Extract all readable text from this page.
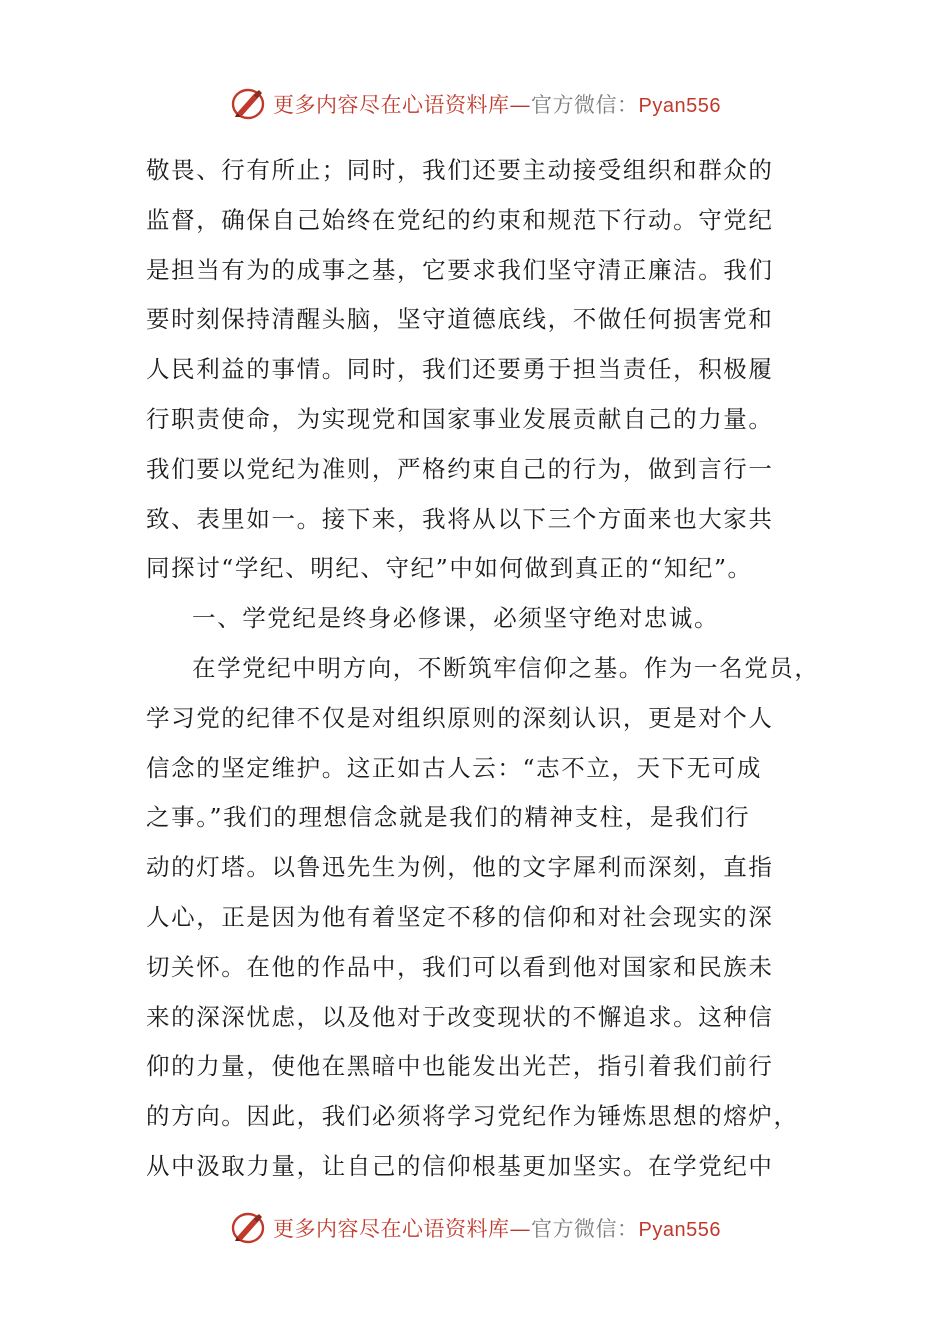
更多内容尽在心语资料库—官方微信：Pyan556
敬畏、行有所止；同时，我们还要主动接受组织和群众的
监督，确保自己始终在党纪的约束和规范下行动。守党纪
是担当有为的成事之基，它要求我们坚守清正廉洁。我们
要时刻保持清醒头脑，坚守道德底线，不做任何损害党和
人民利益的事情。同时，我们还要勇于担当责任，积极履
行职责使命，为实现党和国家事业发展贡献自己的力量。
我们要以党纪为准则，严格约束自己的行为，做到言行一
致、表里如一。接下来，我将从以下三个方面来也大家共
同探讨“学纪、明纪、守纪”中如何做到真正的“知纪”。
一、学党纪是终身必修课，必须坚守绝对忠诚。
在学党纪中明方向，不断筑牢信仰之基。作为一名党员，
学习党的纪律不仅是对组织原则的深刻认识，更是对个人
信念的坚定维护。这正如古人云：“志不立，天下无可成
之事。”我们的理想信念就是我们的精神支柱，是我们行
动的灯塔。以鲁迅先生为例，他的文字犀利而深刻，直指
人心，正是因为他有着坚定不移的信仰和对社会现实的深
切关怀。在他的作品中，我们可以看到他对国家和民族未
来的深深忧虑，以及他对于改变现状的不懈追求。这种信
仰的力量，使他在黑暗中也能发出光芒，指引着我们前行
的方向。因此，我们必须将学习党纪作为锤炼思想的熔炉，
从中汲取力量，让自己的信仰根基更加坚实。在学党纪中
更多内容尽在心语资料库—官方微信：Pyan556
